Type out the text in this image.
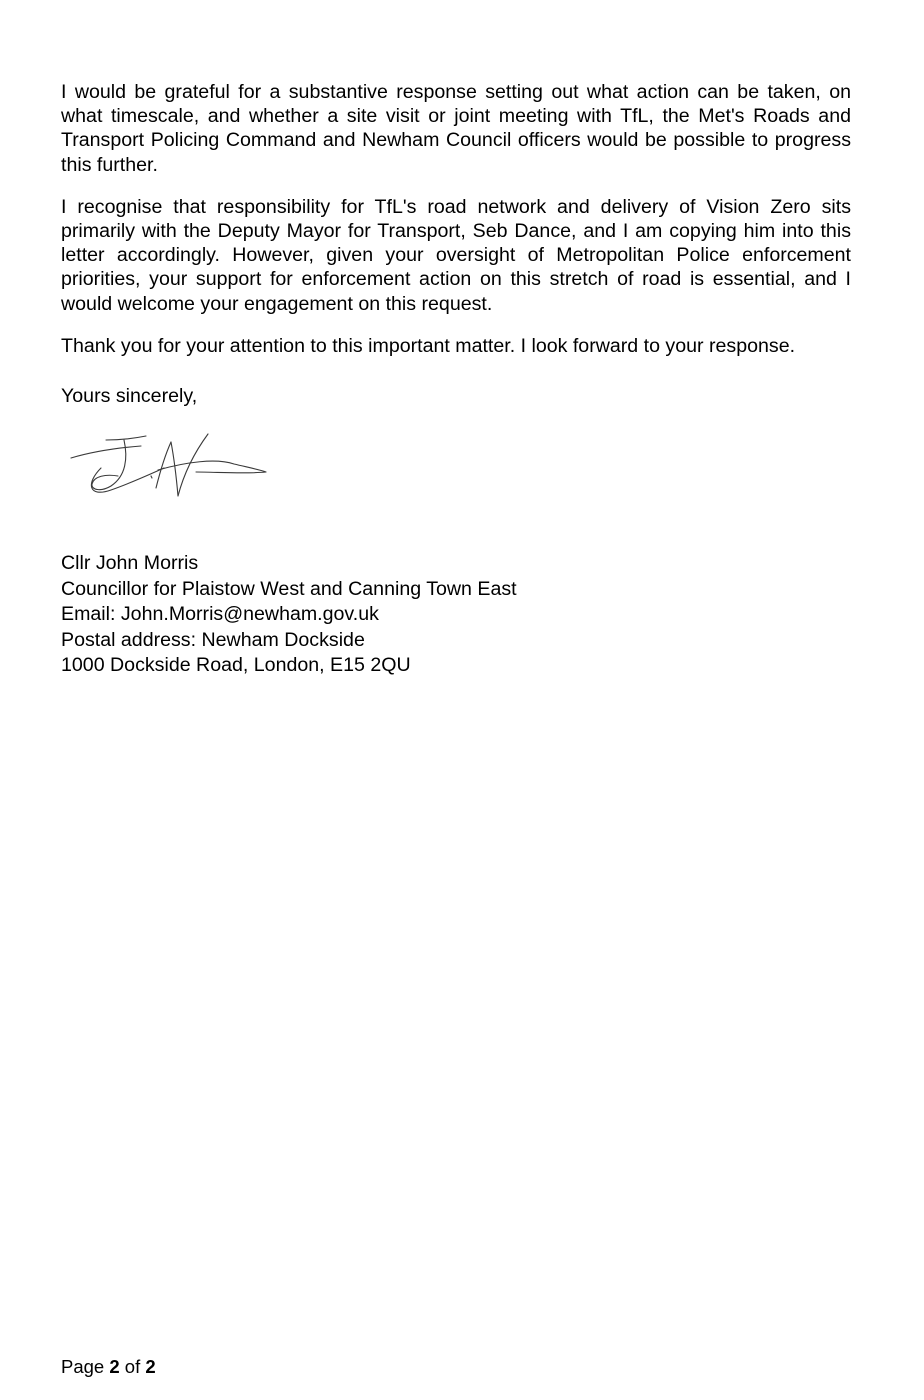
I would be grateful for a substantive response setting out what action can be taken, on what timescale, and whether a site visit or joint meeting with TfL, the Met's Roads and Transport Policing Command and Newham Council officers would be possible to progress this further.

I recognise that responsibility for TfL's road network and delivery of Vision Zero sits primarily with the Deputy Mayor for Transport, Seb Dance, and I am copying him into this letter accordingly. However, given your oversight of Metropolitan Police enforcement priorities, your support for enforcement action on this stretch of road is essential, and I would welcome your engagement on this request.

Thank you for your attention to this important matter. I look forward to your response.

Yours sincerely,

Cllr John Morris
Councillor for Plaistow West and Canning Town East
Email: John.Morris@newham.gov.uk
Postal address: Newham Dockside
1000 Dockside Road, London, E15 2QU
Page 2 of 2
